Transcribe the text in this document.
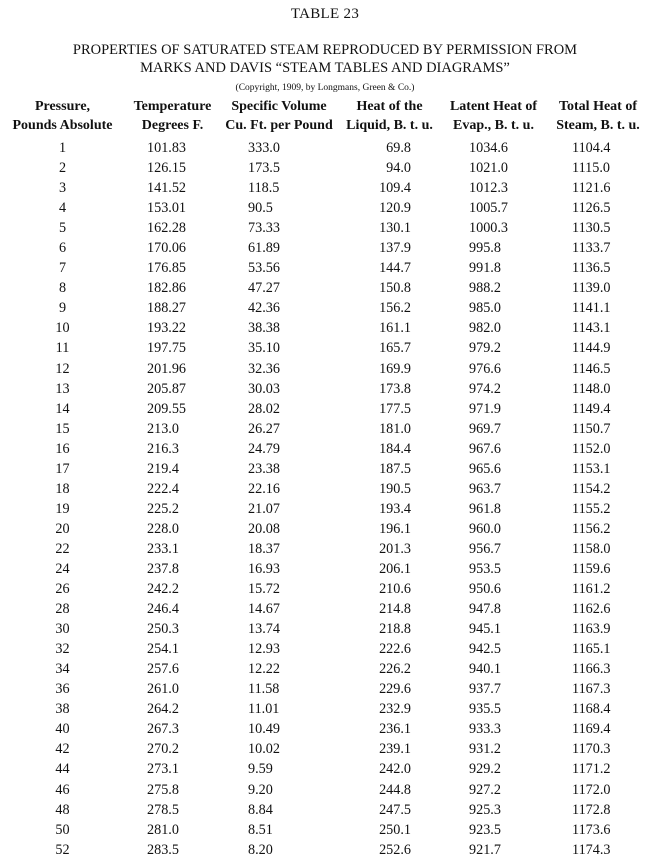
TABLE 23
PROPERTIES OF SATURATED STEAM REPRODUCED BY PERMISSION FROM
MARKS AND DAVIS “STEAM TABLES AND DIAGRAMS”
(Copyright, 1909, by Longmans, Green & Co.)
Pressure,	Temperature	Specific Volume	Heat of the	Latent Heat of	Total Heat of
Pounds Absolute	Degrees F.	Cu. Ft. per Pound	Liquid, B. t. u.	Evap., B. t. u.	Steam, B. t. u.
1	101.83	333.0	69.8	1034.6	1104.4
2	126.15	173.5	94.0	1021.0	1115.0
3	141.52	118.5	109.4	1012.3	1121.6
4	153.01	90.5	120.9	1005.7	1126.5
5	162.28	73.33	130.1	1000.3	1130.5
6	170.06	61.89	137.9	995.8	1133.7
7	176.85	53.56	144.7	991.8	1136.5
8	182.86	47.27	150.8	988.2	1139.0
9	188.27	42.36	156.2	985.0	1141.1
10	193.22	38.38	161.1	982.0	1143.1
11	197.75	35.10	165.7	979.2	1144.9
12	201.96	32.36	169.9	976.6	1146.5
13	205.87	30.03	173.8	974.2	1148.0
14	209.55	28.02	177.5	971.9	1149.4
15	213.0	26.27	181.0	969.7	1150.7
16	216.3	24.79	184.4	967.6	1152.0
17	219.4	23.38	187.5	965.6	1153.1
18	222.4	22.16	190.5	963.7	1154.2
19	225.2	21.07	193.4	961.8	1155.2
20	228.0	20.08	196.1	960.0	1156.2
22	233.1	18.37	201.3	956.7	1158.0
24	237.8	16.93	206.1	953.5	1159.6
26	242.2	15.72	210.6	950.6	1161.2
28	246.4	14.67	214.8	947.8	1162.6
30	250.3	13.74	218.8	945.1	1163.9
32	254.1	12.93	222.6	942.5	1165.1
34	257.6	12.22	226.2	940.1	1166.3
36	261.0	11.58	229.6	937.7	1167.3
38	264.2	11.01	232.9	935.5	1168.4
40	267.3	10.49	236.1	933.3	1169.4
42	270.2	10.02	239.1	931.2	1170.3
44	273.1	9.59	242.0	929.2	1171.2
46	275.8	9.20	244.8	927.2	1172.0
48	278.5	8.84	247.5	925.3	1172.8
50	281.0	8.51	250.1	923.5	1173.6
52	283.5	8.20	252.6	921.7	1174.3
